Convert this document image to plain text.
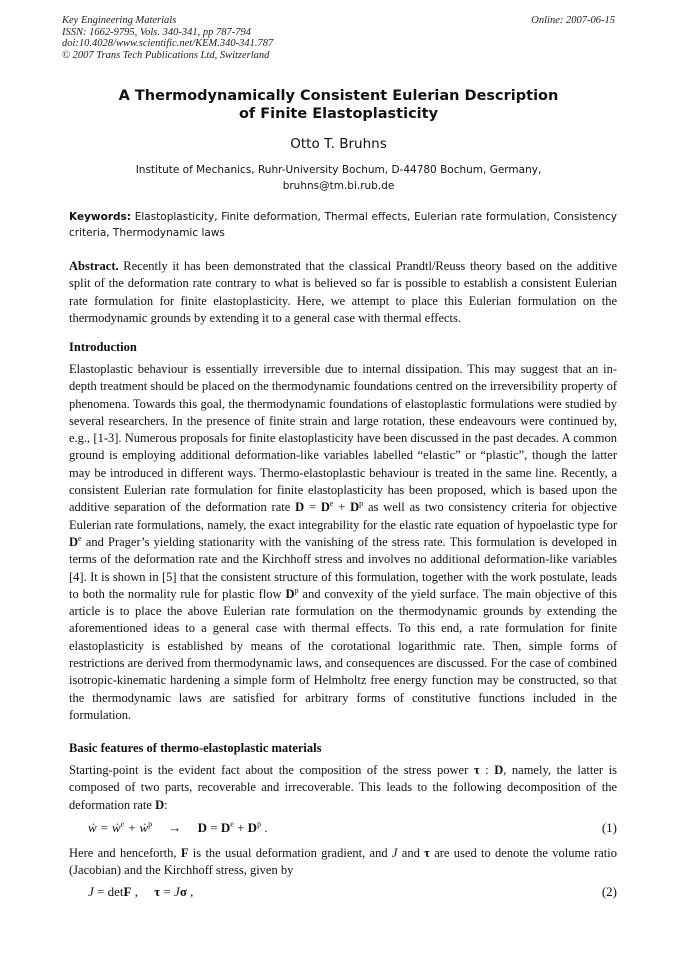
Key Engineering Materials
ISSN: 1662-9795, Vols. 340-341, pp 787-794
doi:10.4028/www.scientific.net/KEM.340-341.787
© 2007 Trans Tech Publications Ltd, Switzerland
Online: 2007-06-15
A Thermodynamically Consistent Eulerian Description
of Finite Elastoplasticity
Otto T. Bruhns
Institute of Mechanics, Ruhr-University Bochum, D-44780 Bochum, Germany,
bruhns@tm.bi.rub.de
Keywords: Elastoplasticity, Finite deformation, Thermal effects, Eulerian rate formulation, Consistency criteria, Thermodynamic laws
Abstract. Recently it has been demonstrated that the classical Prandtl/Reuss theory based on the additive split of the deformation rate contrary to what is believed so far is possible to establish a consistent Eulerian rate formulation for finite elastoplasticity. Here, we attempt to place this Eulerian formulation on the thermodynamic grounds by extending it to a general case with thermal effects.
Introduction
Elastoplastic behaviour is essentially irreversible due to internal dissipation. This may suggest that an in-depth treatment should be placed on the thermodynamic foundations centred on the irreversibility property of phenomena. Towards this goal, the thermodynamic foundations of elastoplastic formulations were studied by several researchers. In the presence of finite strain and large rotation, these endeavours were continued by, e.g., [1-3]. Numerous proposals for finite elastoplasticity have been discussed in the past decades. A common ground is employing additional deformation-like variables labelled “elastic” or “plastic”, though the latter may be introduced in different ways. Thermo-elastoplastic behaviour is treated in the same line. Recently, a consistent Eulerian rate formulation for finite elastoplasticity has been proposed, which is based upon the additive separation of the deformation rate $D = D^e + D^p$ as well as two consistency criteria for objective Eulerian rate formulations, namely, the exact integrability for the elastic rate equation of hypoelastic type for De and Prager’s yielding stationarity with the vanishing of the stress rate. This formulation is developed in terms of the deformation rate and the Kirchhoff stress and involves no additional deformation-like variables [4]. It is shown in [5] that the consistent structure of this formulation, together with the work postulate, leads to both the normality rule for plastic flow $D^p$ and convexity of the yield surface. The main objective of this article is to place the above Eulerian rate formulation on the thermodynamic grounds by extending the aforementioned ideas to a general case with thermal effects. To this end, a rate formulation for finite elastoplasticity is established by means of the corotational logarithmic rate. Then, simple forms of restrictions are derived from thermodynamic laws, and consequences are discussed. For the case of combined isotropic-kinematic hardening a simple form of Helmholtz free energy function may be constructed, so that the thermodynamic laws are satisfied for arbitrary forms of constitutive functions included in the formulation.
Basic features of thermo-elastoplastic materials
Starting-point is the evident fact about the composition of the stress power τ : D, namely, the latter is composed of two parts, recoverable and irrecoverable. This leads to the following decomposition of the deformation rate D:
ẇ = ẇ$^e$ + ẇ$^p$ → $D = D^e + D^p$ .	(1)
Here and henceforth, F is the usual deformation gradient, and J and τ are used to denote the volume ratio (Jacobian) and the Kirchhoff stress, given by
J = detF , τ = Jσ ,	(2)
